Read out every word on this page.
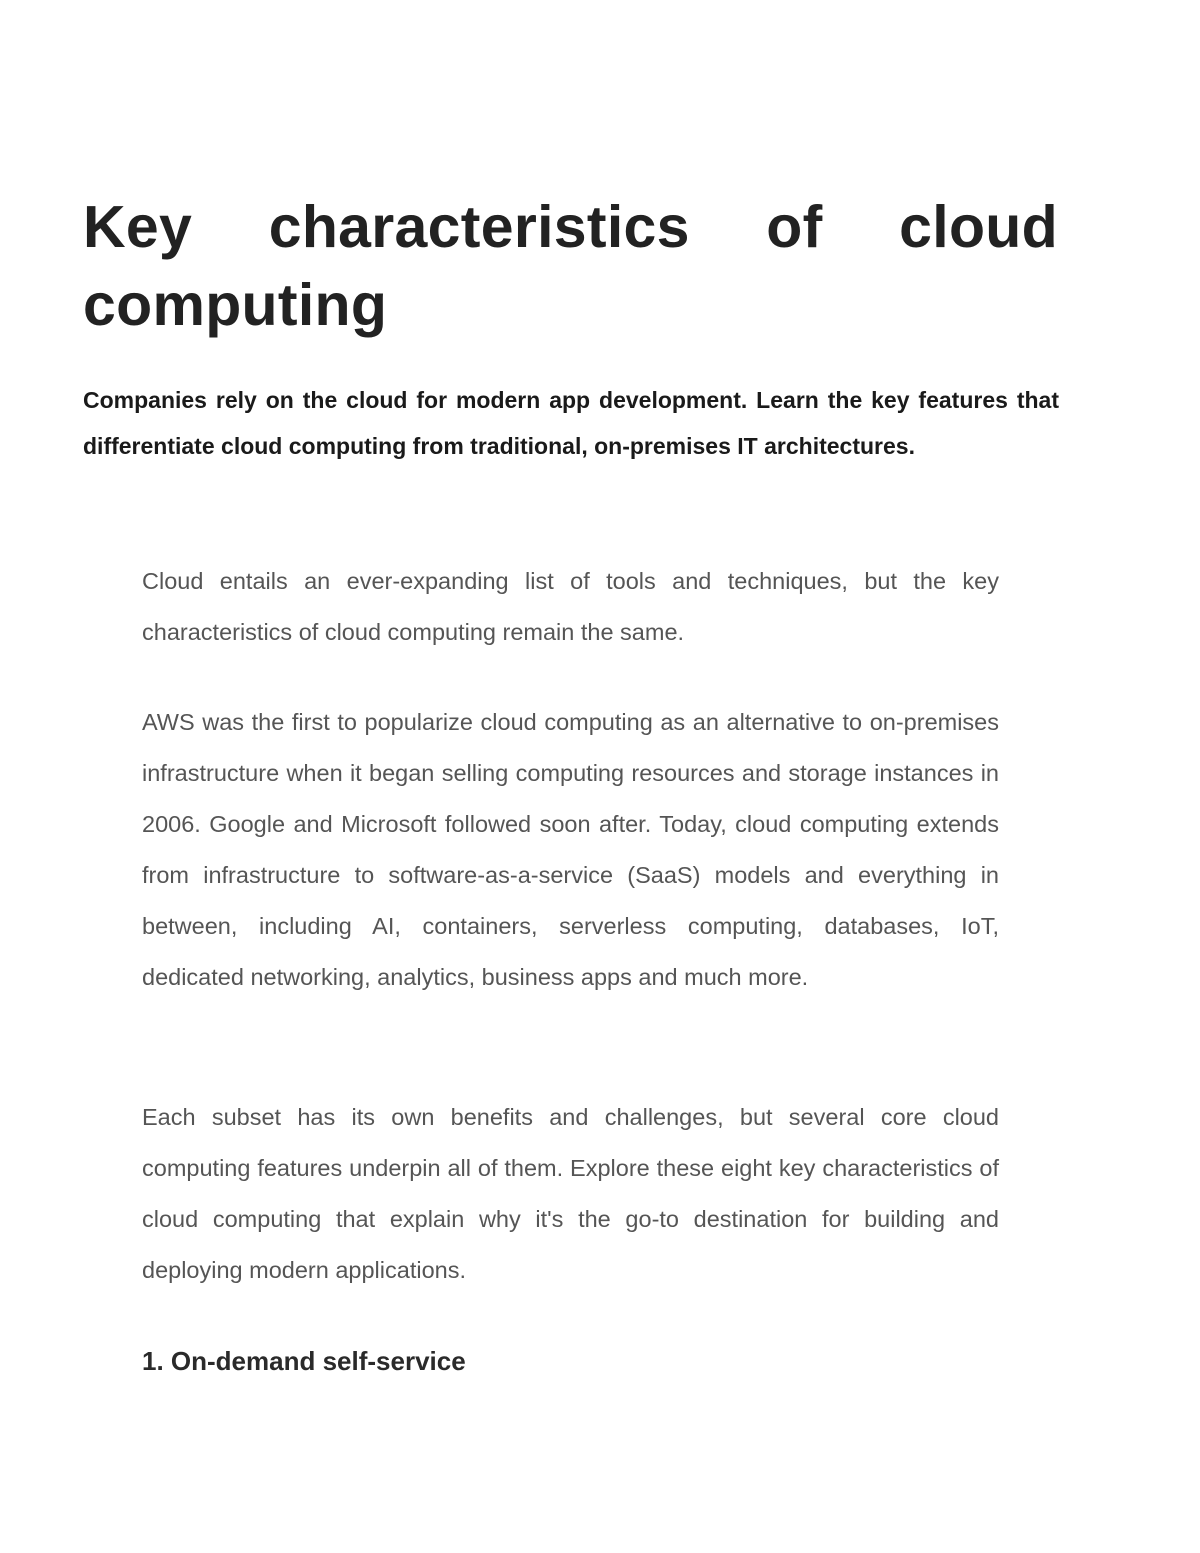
Key characteristics of cloud computing

Companies rely on the cloud for modern app development. Learn the key features that differentiate cloud computing from traditional, on-premises IT architectures.

Cloud entails an ever-expanding list of tools and techniques, but the key characteristics of cloud computing remain the same.

AWS was the first to popularize cloud computing as an alternative to on-premises infrastructure when it began selling computing resources and storage instances in 2006. Google and Microsoft followed soon after. Today, cloud computing extends from infrastructure to software-as-a-service (SaaS) models and everything in between, including AI, containers, serverless computing, databases, IoT, dedicated networking, analytics, business apps and much more.

Each subset has its own benefits and challenges, but several core cloud computing features underpin all of them. Explore these eight key characteristics of cloud computing that explain why it's the go-to destination for building and deploying modern applications.

1. On-demand self-service
